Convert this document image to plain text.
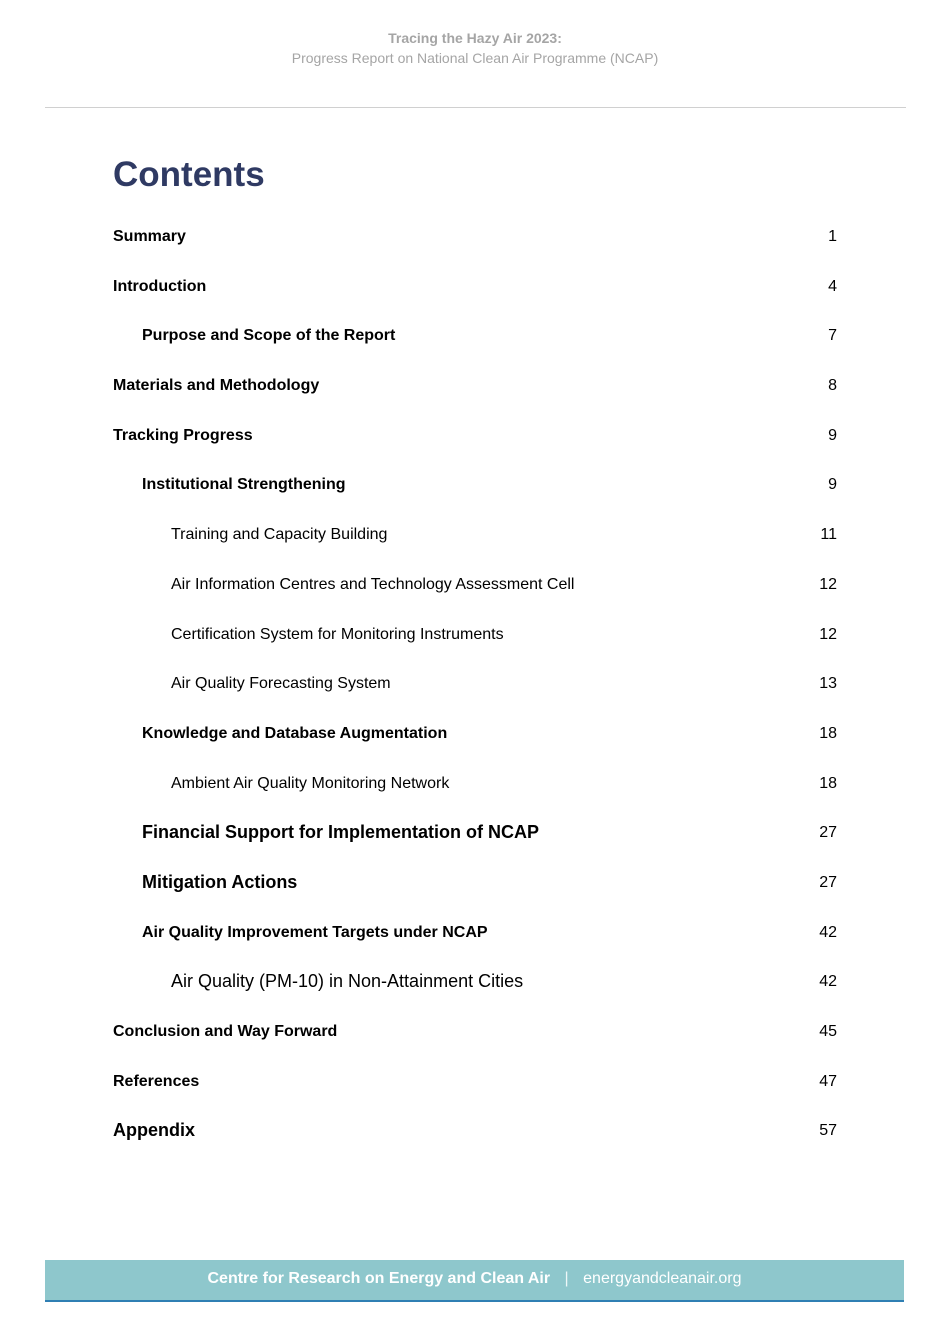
Tracing the Hazy Air 2023:
Progress Report on National Clean Air Programme (NCAP)
Contents
Summary	1
Introduction	4
Purpose and Scope of the Report	7
Materials and Methodology	8
Tracking Progress	9
Institutional Strengthening	9
Training and Capacity Building	11
Air Information Centres and Technology Assessment Cell	12
Certification System for Monitoring Instruments	12
Air Quality Forecasting System	13
Knowledge and Database Augmentation	18
Ambient Air Quality Monitoring Network	18
Financial Support for Implementation of NCAP	27
Mitigation Actions	27
Air Quality Improvement Targets under NCAP	42
Air Quality (PM-10) in Non-Attainment Cities	42
Conclusion and Way Forward	45
References	47
Appendix	57
Centre for Research on Energy and Clean Air | energyandcleanair.org
